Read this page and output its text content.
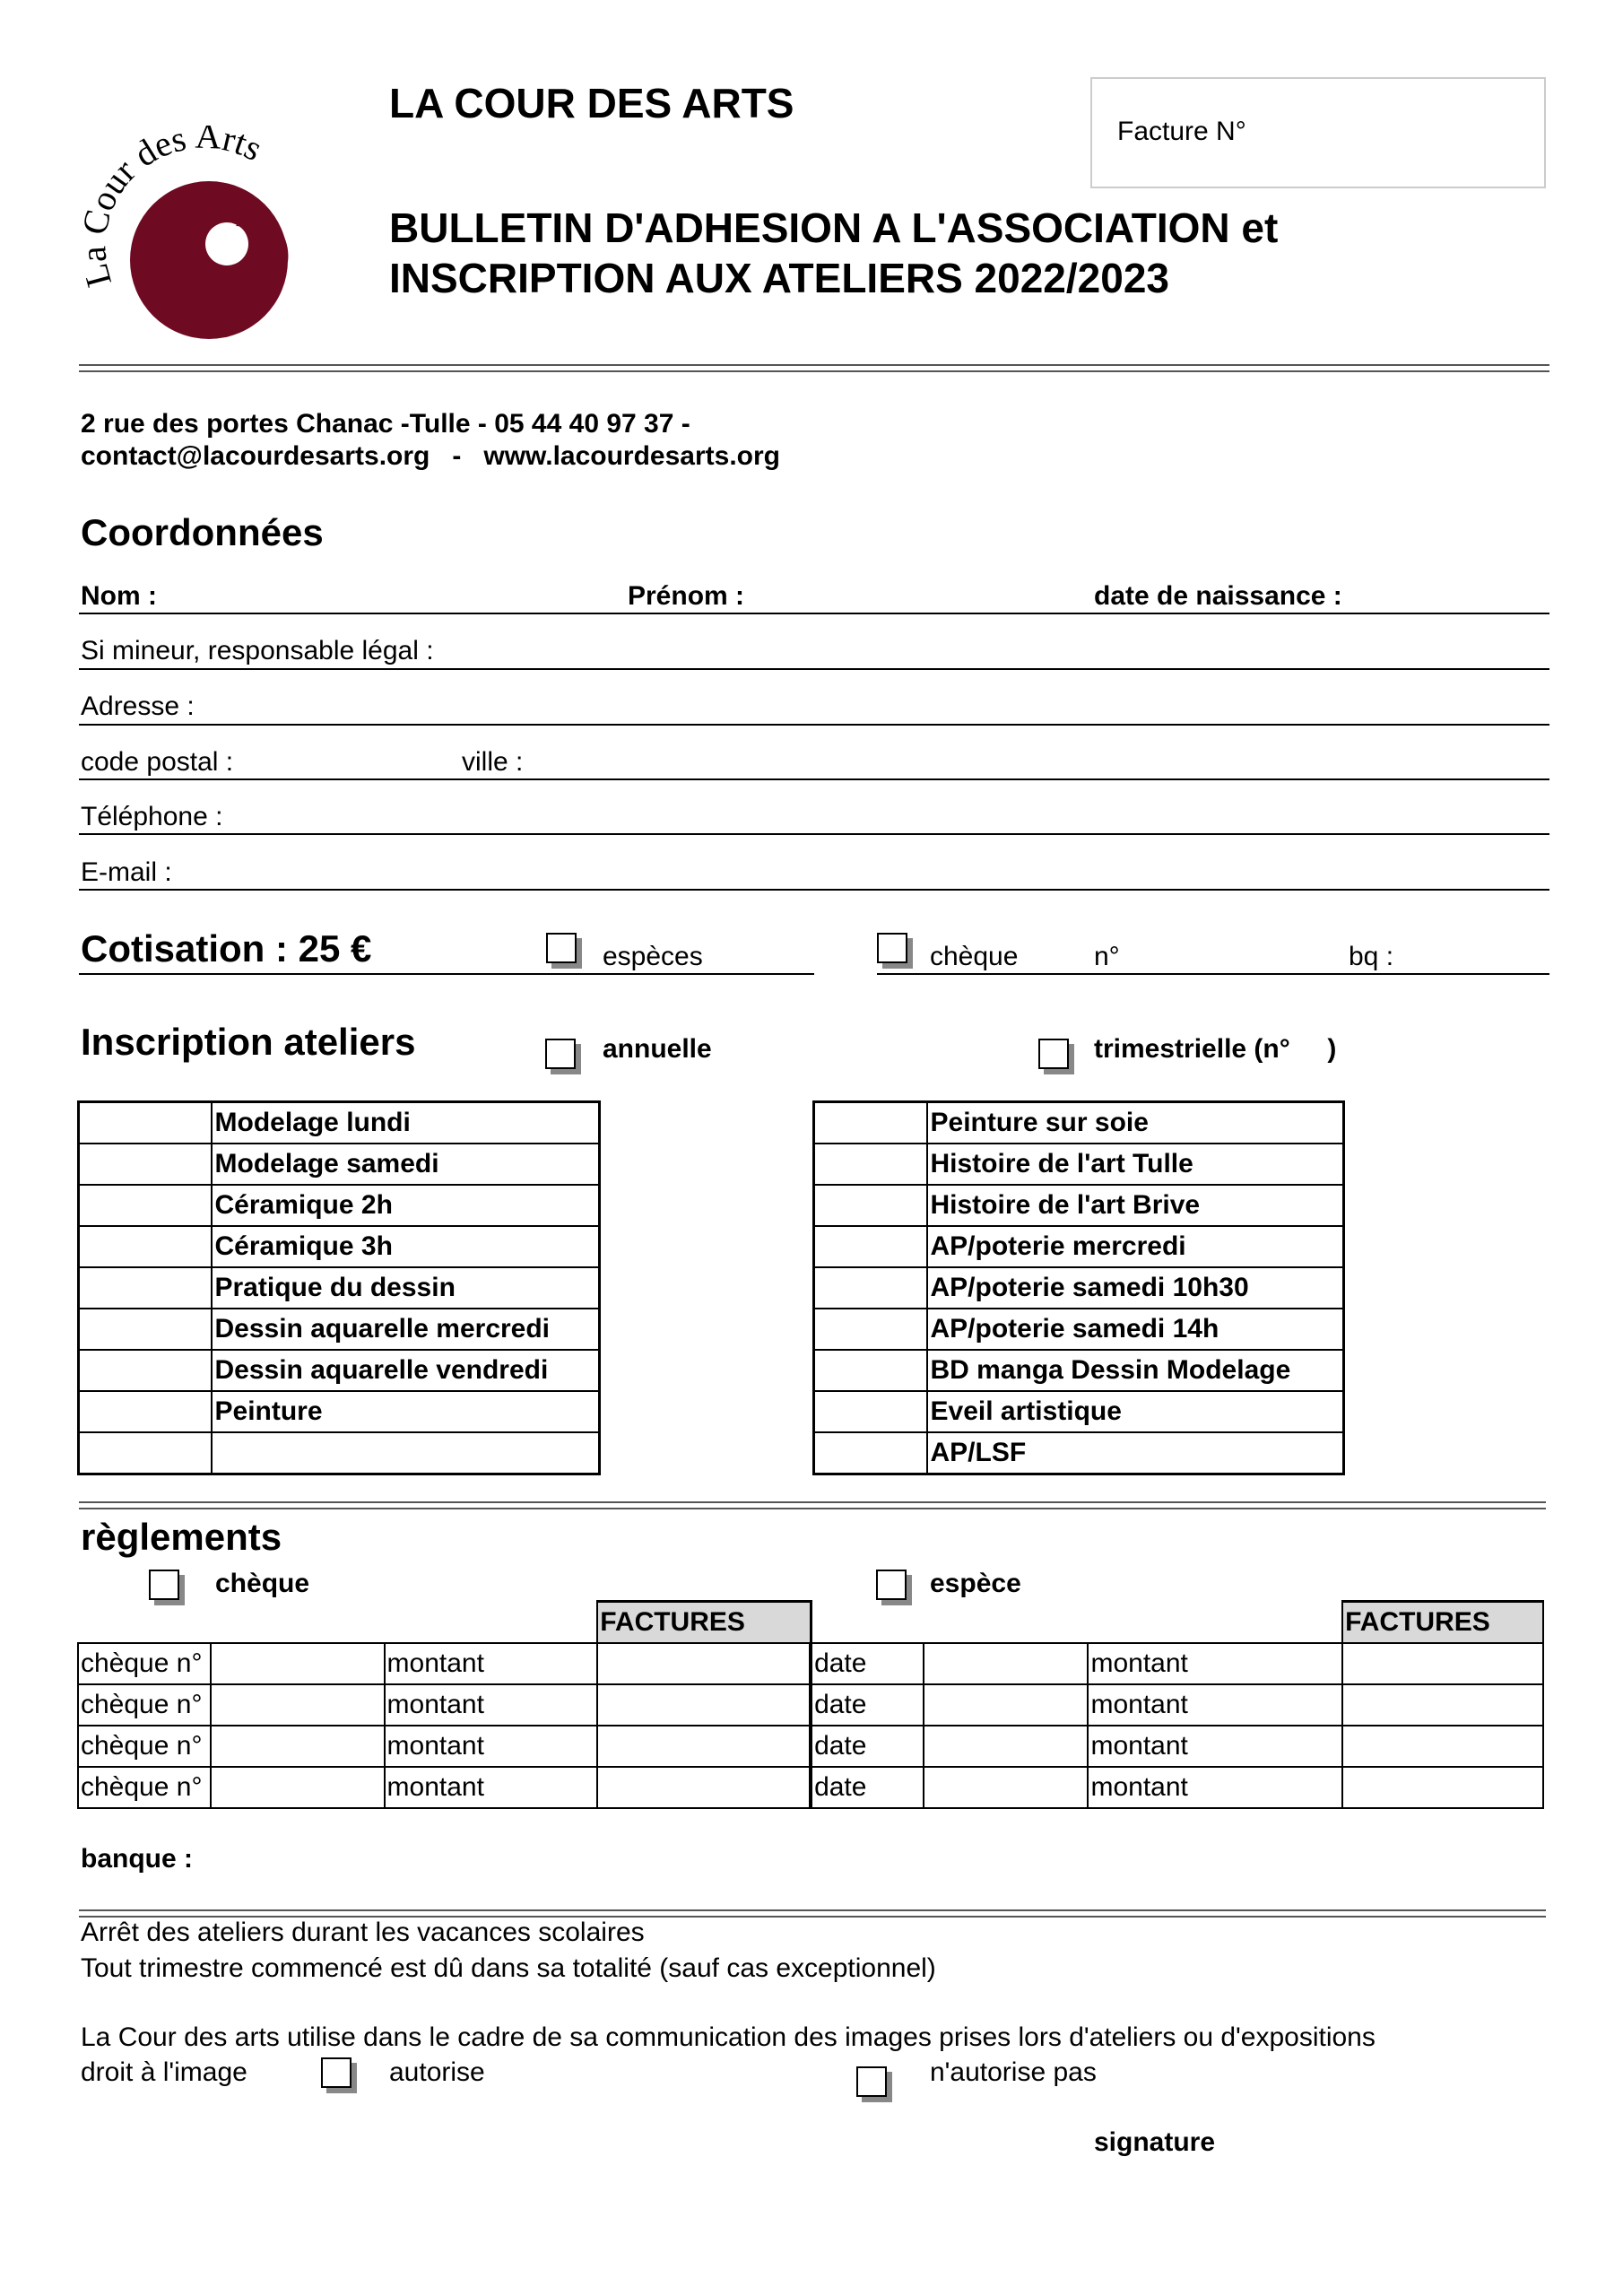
La Cour des Arts
LA COUR DES ARTS
Facture N°
BULLETIN D'ADHESION A L'ASSOCIATION et
INSCRIPTION AUX ATELIERS 2022/2023
2 rue des portes Chanac -Tulle - 05 44 40 97 37 -
contact@lacourdesarts.org   -   www.lacourdesarts.org
Coordonnées
Nom :	Prénom :	date de naissance :
Si mineur, responsable légal :
Adresse :
code postal :	ville :
Téléphone :
E-mail :
Cotisation : 25 €	espèces	chèque	n°	bq :
Inscription ateliers	annuelle	trimestrielle (n°     )
	Modelage lundi
	Modelage samedi
	Céramique 2h
	Céramique 3h
	Pratique du dessin
	Dessin aquarelle mercredi
	Dessin aquarelle vendredi
	Peinture

	Peinture sur soie
	Histoire de l'art Tulle
	Histoire de l'art Brive
	AP/poterie mercredi
	AP/poterie samedi 10h30
	AP/poterie samedi 14h
	BD manga Dessin Modelage
	Eveil artistique
	AP/LSF
règlements
chèque	espèce
			FACTURES				FACTURES
chèque n°		montant		date		montant	
chèque n°		montant		date		montant	
chèque n°		montant		date		montant	
chèque n°		montant		date		montant	
banque :
Arrêt des ateliers durant les vacances scolaires
Tout trimestre commencé est dû dans sa totalité (sauf cas exceptionnel)
La Cour des arts utilise dans le cadre de sa communication des images prises lors d'ateliers ou d'expositions
droit à l'image	autorise	n'autorise pas
signature
